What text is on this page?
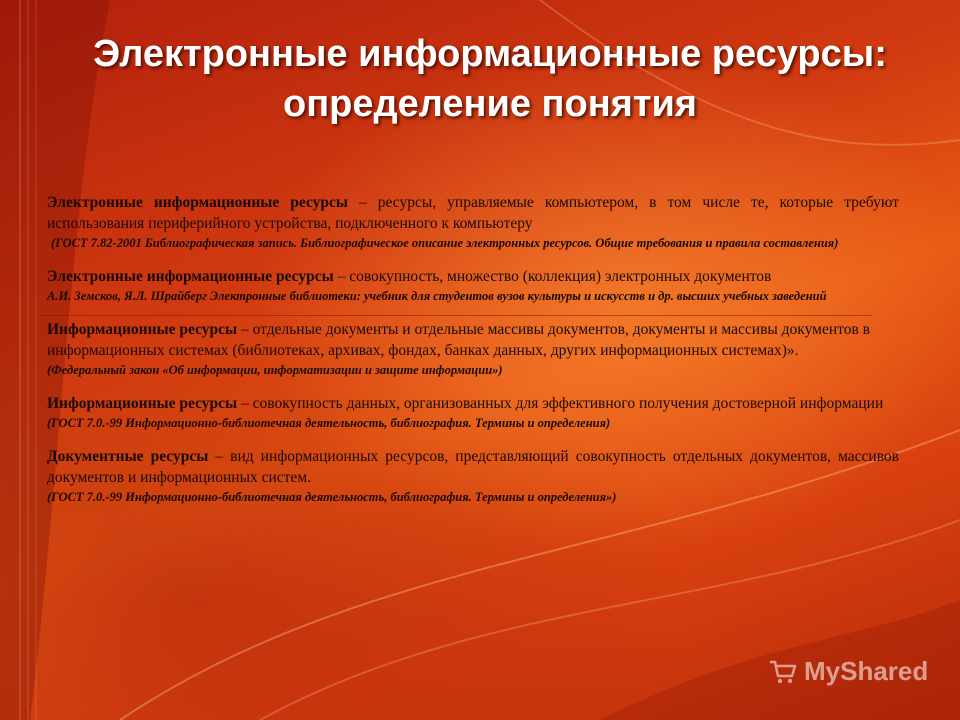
Электронные информационные ресурсы:
определение понятия

Электронные информационные ресурсы – ресурсы, управляемые компьютером, в том числе те, которые требуют использования периферийного устройства, подключенного к компьютеру

(ГОСТ 7.82-2001 Библиографическая запись. Библиографическое описание электронных ресурсов. Общие требования и правила составления)

Электронные информационные ресурсы – совокупность, множество (коллекция) электронных документов

А.И. Земсков, Я.Л. Шрайберг Электронные библиотеки: учебник для студентов вузов культуры и искусств и др. высших учебных заведений

Информационные ресурсы – отдельные документы и отдельные массивы документов, документы и массивы документов в информационных системах (библиотеках, архивах, фондах, банках данных, других информационных системах)».

(Федеральный закон «Об информации, информатизации и защите информации»)

Информационные ресурсы – совокупность данных, организованных для эффективного получения достоверной информации

(ГОСТ 7.0.-99 Информационно-библиотечная деятельность, библиография. Термины и определения)

Документные ресурсы – вид информационных ресурсов, представляющий совокупность отдельных документов, массивов документов и информационных систем.

(ГОСТ 7.0.-99 Информационно-библиотечная деятельность, библиография. Термины и определения»)

MyShared
